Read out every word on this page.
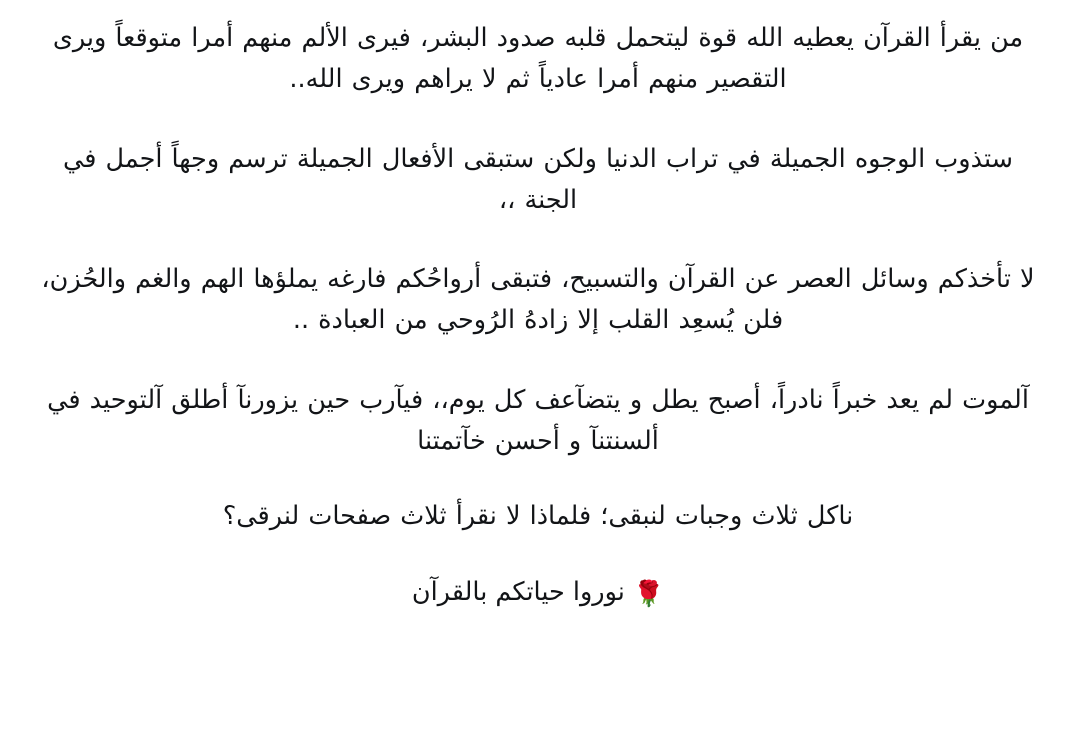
من يقرأ القرآن يعطيه الله قوة ليتحمل قلبه صدود البشر، فيرى الألم منهم أمرا متوقعاً ويرى التقصير منهم أمرا عادياً ثم لا يراهم ويرى الله..

ستذوب الوجوه الجميلة في تراب الدنيا ولكن ستبقى الأفعال الجميلة ترسم وجهاً أجمل في الجنة ،،

لا تأخذكم وسائل العصر عن القرآن والتسبيح، فتبقى أرواحُكم فارغه يملؤها الهم والغم والحُزن، فلن يُسعِد القلب إلا زادهُ الرُوحي من العبادة ..

آلموت لم يعد خبراً نادراً، أصبح يطل و يتضآعف كل يوم،، فيآرب حين يزورنآ أطلق آلتوحيد في ألسنتنآ و أحسن خآتمتنا

ناكل ثلاث وجبات لنبقى؛ فلماذا لا نقرأ ثلاث صفحات لنرقى؟

🌹 نوروا حياتكم بالقرآن
